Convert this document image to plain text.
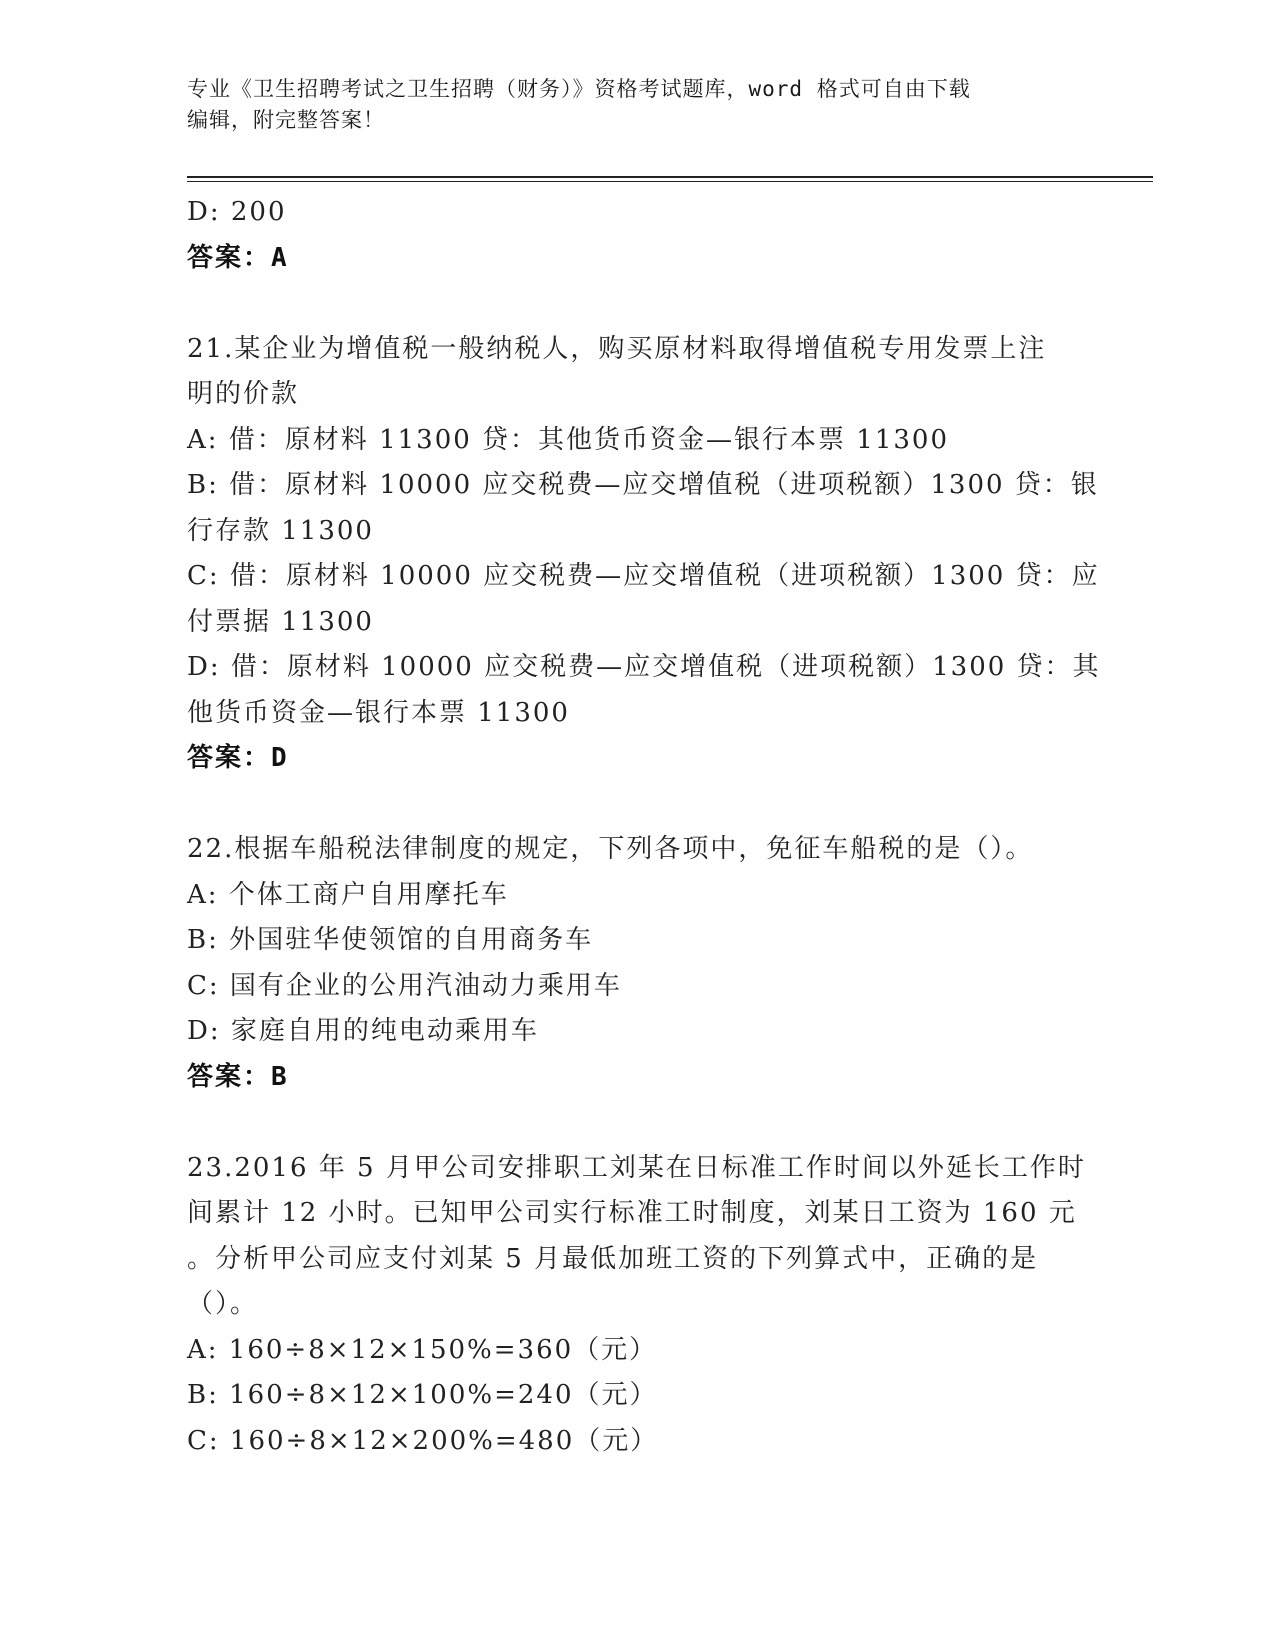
专业《卫生招聘考试之卫生招聘（财务）》资格考试题库，word 格式可自由下载
编辑，附完整答案！
D: 200
答案：A
21.某企业为增值税一般纳税人，购买原材料取得增值税专用发票上注
明的价款
A: 借：原材料 11300 贷：其他货币资金—银行本票 11300
B: 借：原材料 10000 应交税费—应交增值税（进项税额）1300 贷：银
行存款 11300
C: 借：原材料 10000 应交税费—应交增值税（进项税额）1300 贷：应
付票据 11300
D: 借：原材料 10000 应交税费—应交增值税（进项税额）1300 贷：其
他货币资金—银行本票 11300
答案：D
22.根据车船税法律制度的规定，下列各项中，免征车船税的是（）。
A: 个体工商户自用摩托车
B: 外国驻华使领馆的自用商务车
C: 国有企业的公用汽油动力乘用车
D: 家庭自用的纯电动乘用车
答案：B
23.2016 年 5 月甲公司安排职工刘某在日标准工作时间以外延长工作时
间累计 12 小时。已知甲公司实行标准工时制度，刘某日工资为 160 元
。分析甲公司应支付刘某 5 月最低加班工资的下列算式中，正确的是
（）。
A: 160÷8×12×150%=360（元）
B: 160÷8×12×100%=240（元）
C: 160÷8×12×200%=480（元）
